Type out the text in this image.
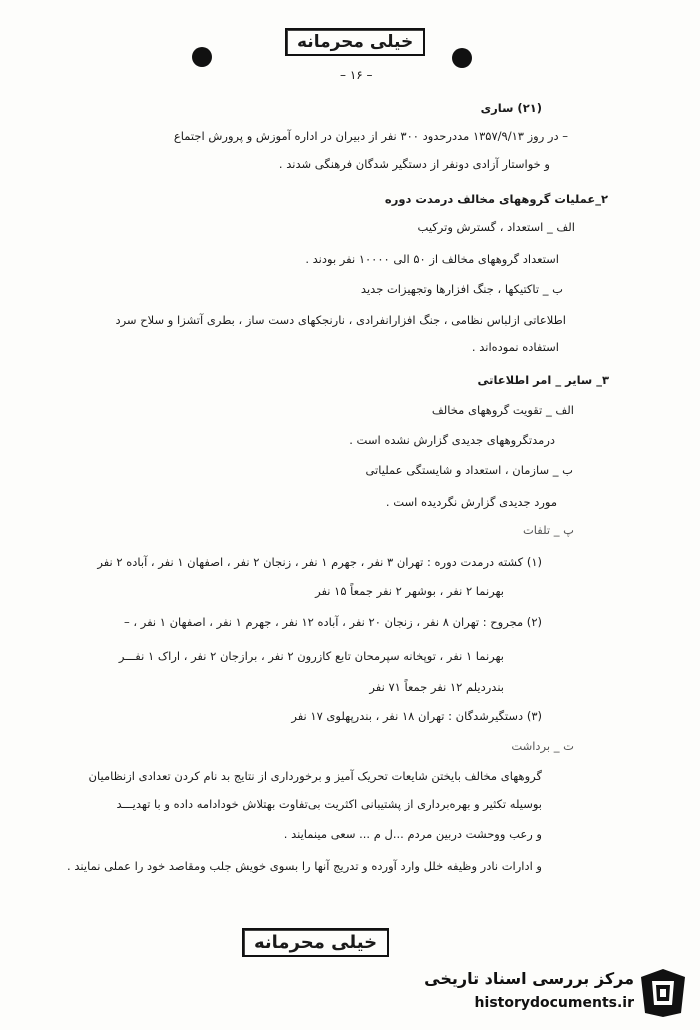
خیلی محرمانه
– ۱۶ –
(۲۱) ساری
– در روز ۱۳۵۷/۹/۱۳ مددرحدود ۳۰۰ نفر از دبیران در اداره آموزش و پرورش اجتماع
و خواستار آزادی دونفر از دستگیر شدگان فرهنگی شدند .
۲_عملیات گروههای مخالف درمدت دوره
الف _ استعداد ، گسترش وترکیب
استعداد گروههای مخالف از ۵۰ الی ۱۰۰۰۰ نفر بودند .
ب _ تاکتیکها ، جنگ افزارها وتجهیزات جدید
اطلاعاتی ازلباس نظامی ، جنگ افزارانفرادی ، نارنجکهای دست ساز ، بطری آتشزا و سلاح سرد
استفاده نموده‌اند .
۳_ سایر _ امر اطلاعاتی
الف _ تقویت گروههای مخالف
درمدتگروههای جدیدی گزارش نشده است .
ب _ سازمان ، استعداد و شایستگی عملیاتی
مورد جدیدی گزارش نگردیده است .
پ _ تلفات
(۱) کشته درمدت دوره : تهران ۳ نفر ، جهرم ۱ نفر ، زنجان ۲ نفر ، اصفهان ۱ نفر ، آباده ۲ نفر
بهرنما ۲ نفر ، بوشهر ۲ نفر جمعاً ۱۵ نفر
(۲) مجروح : تهران ۸ نفر ، زنجان ۲۰ نفر ، آباده ۱۲ نفر ، جهرم ۱ نفر ، اصفهان ۱ نفر ، –
بهرنما ۱ نفر ، توپخانه سپرمحان تابع کازرون ۲ نفر ، برازجان ۲ نفر ، اراک ۱ نفـــر
بندردیلم ۱۲ نفر جمعاً ۷۱ نفر
(۳) دستگیرشدگان : تهران ۱۸ نفر ، بندرپهلوی ۱۷ نفر
ت _ برداشت
گروههای مخالف بایختن شایعات تحریک آمیز و برخورداری از نتایج بد نام کردن تعدادی ازنظامیان
بوسیله تکثیر و بهره‌برداری از پشتیبانی اکثریت بی‌تفاوت بهتلاش خودادامه داده و با تهدیـــد
و رعب ووحشت دربین مردم ...ل م ... سعی مینمایند .
و ادارات نادر وظیفه خلل وارد آورده و تدریج آنها را بسوی خویش جلب ومقاصد خود را عملی نمایند .
خیلی محرمانه
مرکز بررسی اسناد تاریخی
historydocuments.ir
